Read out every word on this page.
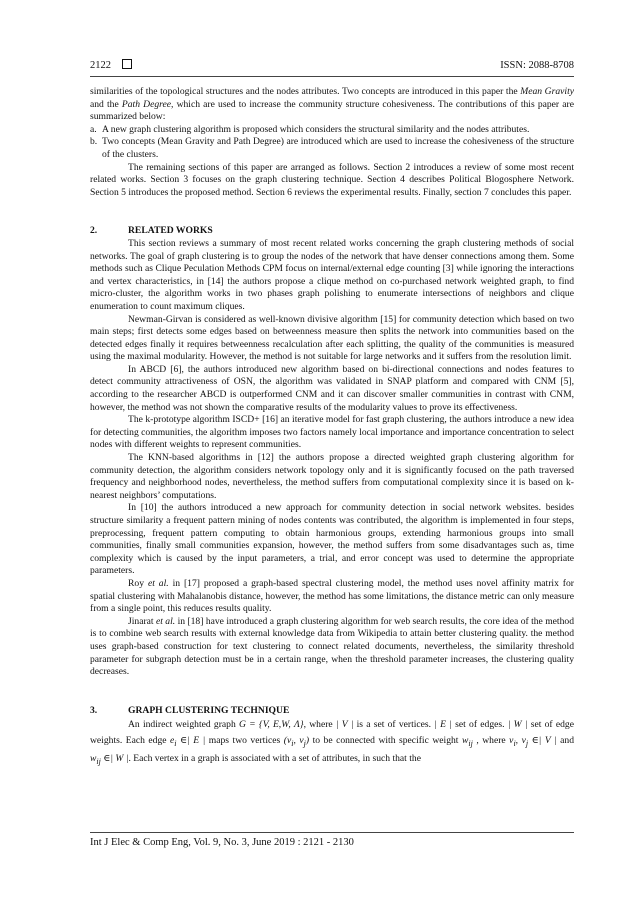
2122	ISSN: 2088-8708

similarities of the topological structures and the nodes attributes. Two concepts are introduced in this paper the Mean Gravity and the Path Degree, which are used to increase the community structure cohesiveness. The contributions of this paper are summarized below:

a. A new graph clustering algorithm is proposed which considers the structural similarity and the nodes attributes.
b. Two concepts (Mean Gravity and Path Degree) are introduced which are used to increase the cohesiveness of the structure of the clusters.

The remaining sections of this paper are arranged as follows. Section 2 introduces a review of some most recent related works. Section 3 focuses on the graph clustering technique. Section 4 describes Political Blogosphere Network. Section 5 introduces the proposed method. Section 6 reviews the experimental results. Finally, section 7 concludes this paper.

2.	RELATED WORKS

This section reviews a summary of most recent related works concerning the graph clustering methods of social networks. The goal of graph clustering is to group the nodes of the network that have denser connections among them. Some methods such as Clique Peculation Methods CPM focus on internal/external edge counting [3] while ignoring the interactions and vertex characteristics, in [14] the authors propose a clique method on co-purchased network weighted graph, to find micro-cluster, the algorithm works in two phases graph polishing to enumerate intersections of neighbors and clique enumeration to count maximum cliques.

Newman-Girvan is considered as well-known divisive algorithm [15] for community detection which based on two main steps; first detects some edges based on betweenness measure then splits the network into communities based on the detected edges finally it requires betweenness recalculation after each splitting, the quality of the communities is measured using the maximal modularity. However, the method is not suitable for large networks and it suffers from the resolution limit.

In ABCD [6], the authors introduced new algorithm based on bi-directional connections and nodes features to detect community attractiveness of OSN, the algorithm was validated in SNAP platform and compared with CNM [5], according to the researcher ABCD is outperformed CNM and it can discover smaller communities in contrast with CNM, however, the method was not shown the comparative results of the modularity values to prove its effectiveness.

The k-prototype algorithm ISCD+ [16] an iterative model for fast graph clustering, the authors introduce a new idea for detecting communities, the algorithm imposes two factors namely local importance and importance concentration to select nodes with different weights to represent communities.

The KNN-based algorithms in [12] the authors propose a directed weighted graph clustering algorithm for community detection, the algorithm considers network topology only and it is significantly focused on the path traversed frequency and neighborhood nodes, nevertheless, the method suffers from computational complexity since it is based on k-nearest neighbors’ computations.

In [10] the authors introduced a new approach for community detection in social network websites. besides structure similarity a frequent pattern mining of nodes contents was contributed, the algorithm is implemented in four steps, preprocessing, frequent pattern computing to obtain harmonious groups, extending harmonious groups into small communities, finally small communities expansion, however, the method suffers from some disadvantages such as, time complexity which is caused by the input parameters, a trial, and error concept was used to determine the appropriate parameters.

Roy et al. in [17] proposed a graph-based spectral clustering model, the method uses novel affinity matrix for spatial clustering with Mahalanobis distance, however, the method has some limitations, the distance metric can only measure from a single point, this reduces results quality.

Jinarat et al. in [18] have introduced a graph clustering algorithm for web search results, the core idea of the method is to combine web search results with external knowledge data from Wikipedia to attain better clustering quality. the method uses graph-based construction for text clustering to connect related documents, nevertheless, the similarity threshold parameter for subgraph detection must be in a certain range, when the threshold parameter increases, the clustering quality decreases.

3.	GRAPH CLUSTERING TECHNIQUE

An indirect weighted graph G = {V, E,W, Λ}, where | V | is a set of vertices. | E | set of edges. | W | set of edge weights. Each edge $e_i$ ∈| E | maps two vertices ($v_i$, $v_j$) to be connected with specific weight $w_{ij}$ , where $v_i$, $v_j$ ∈| V | and $w_{ij}$ ∈| W |. Each vertex in a graph is associated with a set of attributes, in such that the

Int J Elec & Comp Eng, Vol. 9, No. 3, June 2019 : 2121 - 2130
